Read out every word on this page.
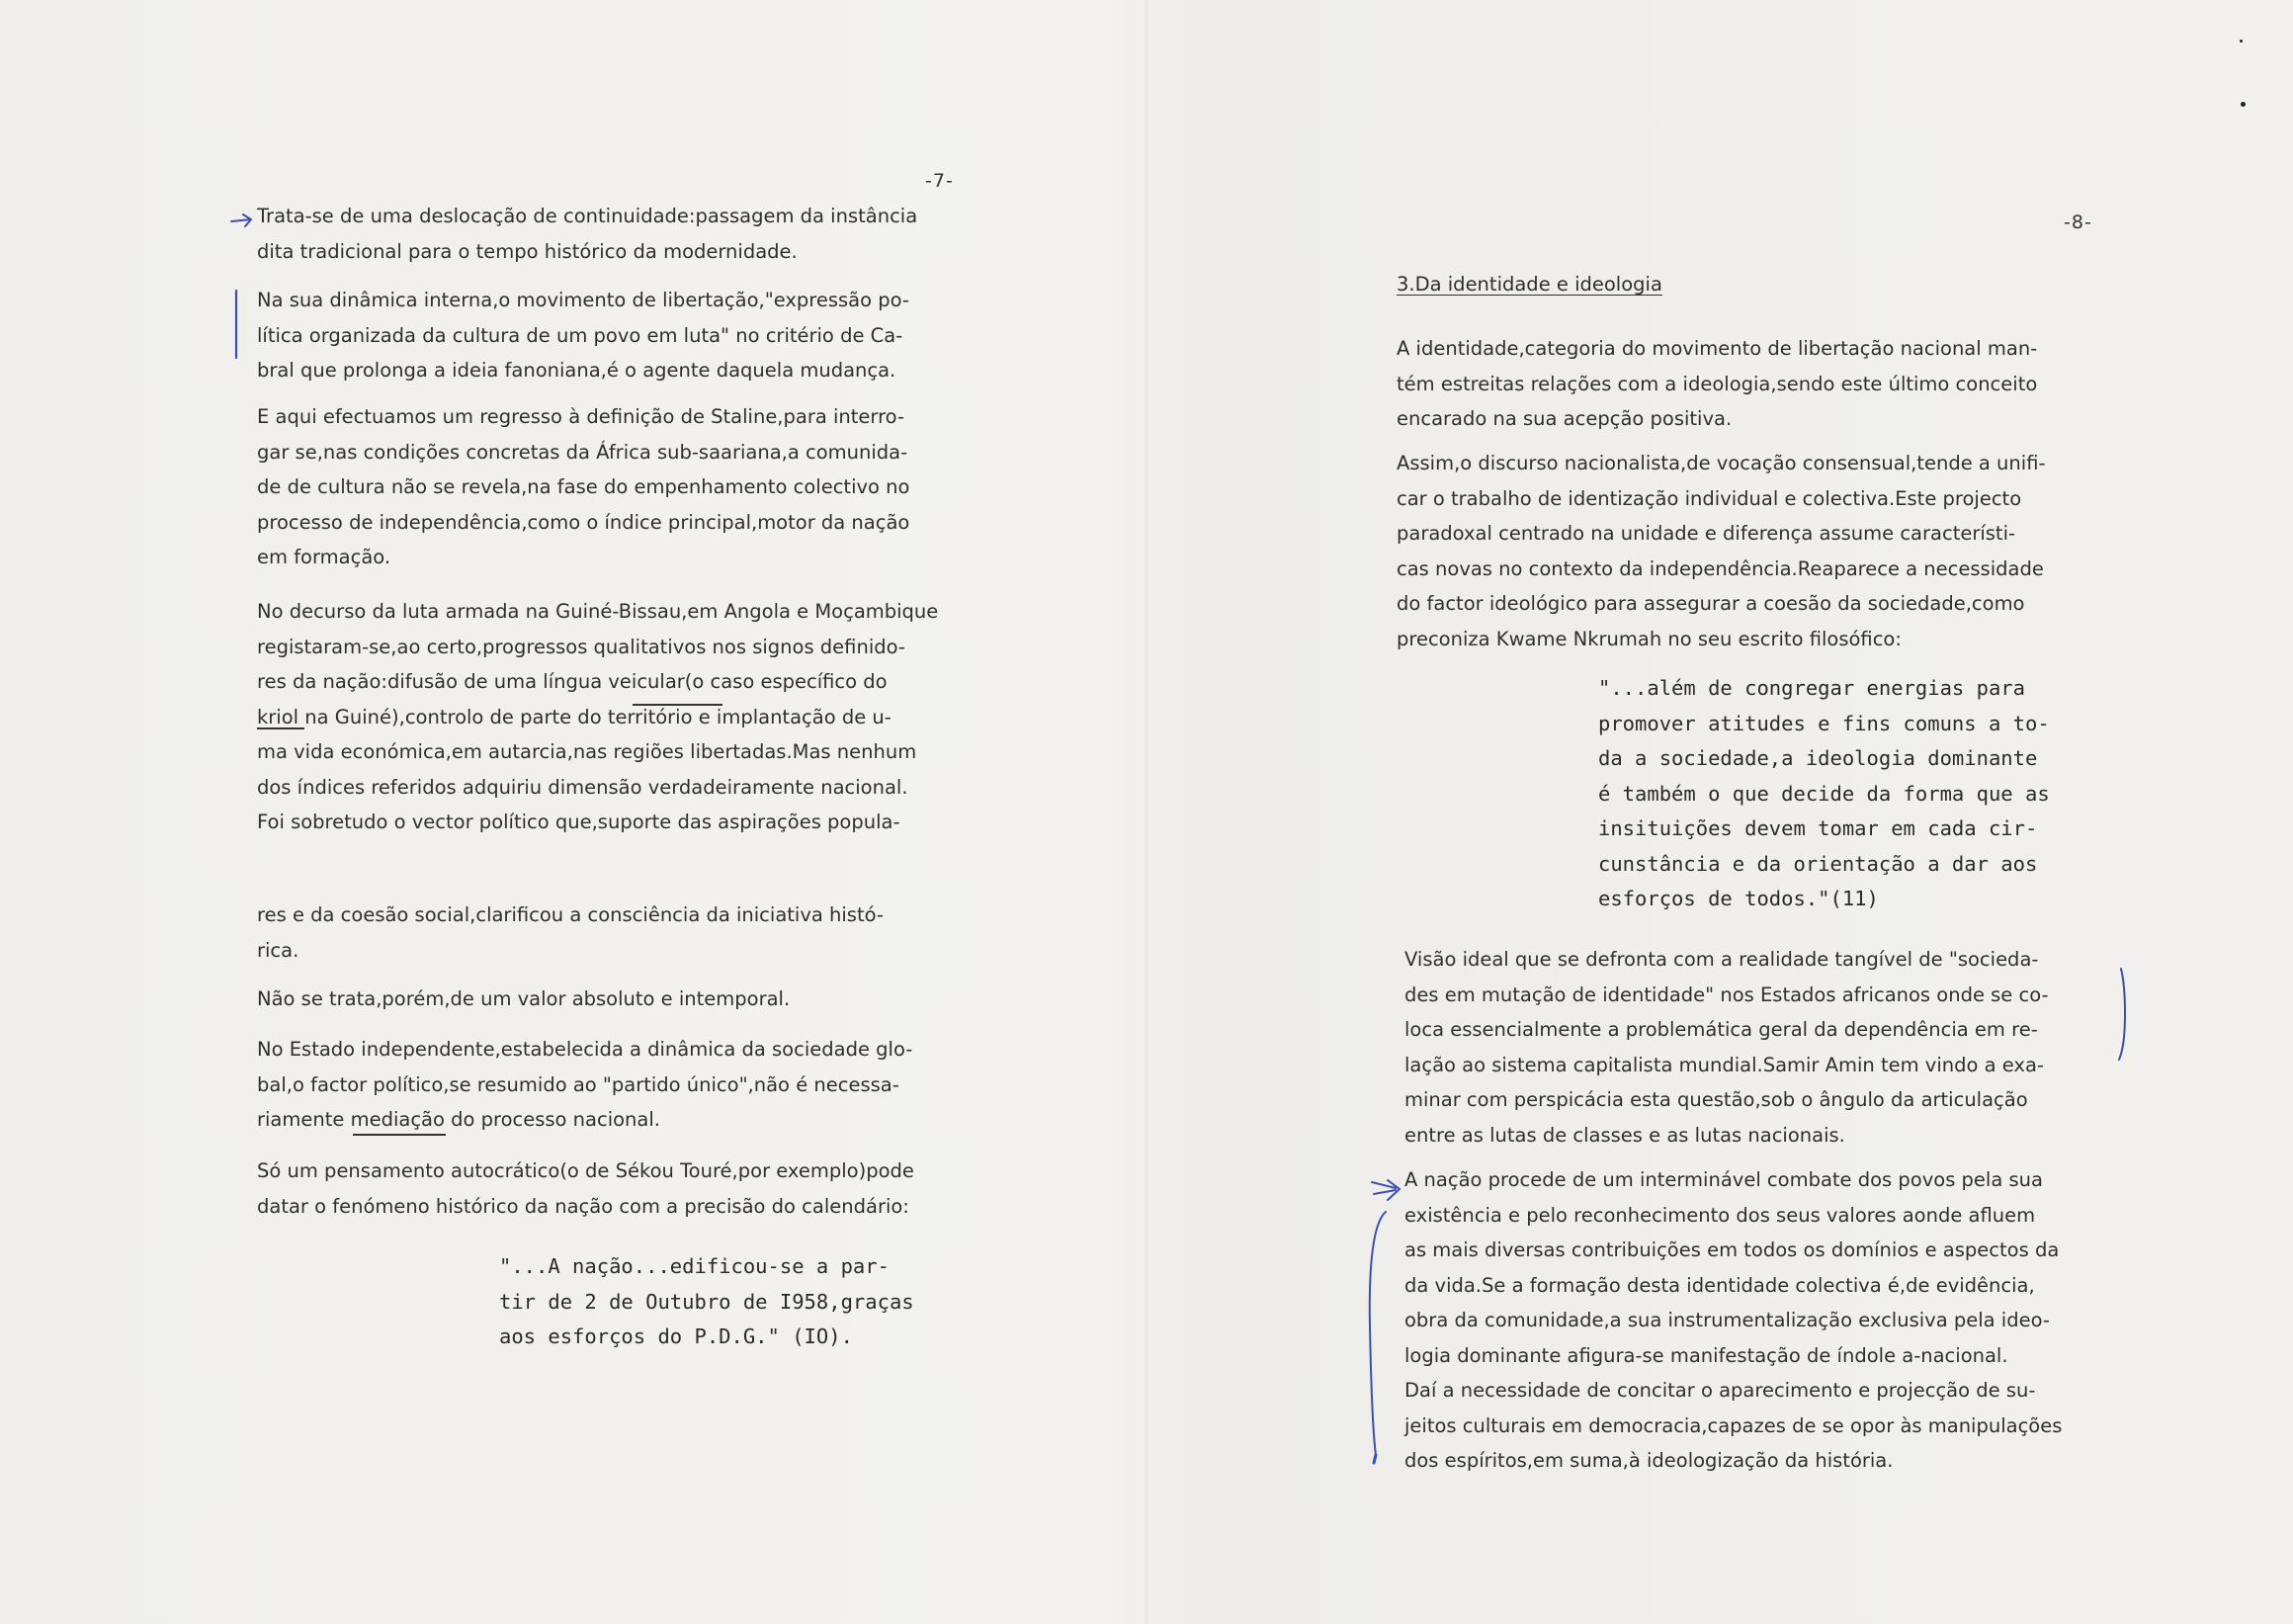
-7-

Trata-se de uma deslocação de continuidade:passagem da instância
dita tradicional para o tempo histórico da modernidade.

Na sua dinâmica interna,o movimento de libertação,"expressão po-
lítica organizada da cultura de um povo em luta" no critério de Ca-
bral que prolonga a ideia fanoniana,é o agente daquela mudança.

E aqui efectuamos um regresso à definição de Staline,para interro-
gar se,nas condições concretas da África sub-saariana,a comunida-
de de cultura não se revela,na fase do empenhamento colectivo no
processo de independência,como o índice principal,motor da nação
em formação.

No decurso da luta armada na Guiné-Bissau,em Angola e Moçambique
registaram-se,ao certo,progressos qualitativos nos signos definido-
res da nação:difusão de uma língua veicular(o caso específico do
kriol na Guiné),controlo de parte do território e implantação de u-
ma vida económica,em autarcia,nas regiões libertadas.Mas nenhum
dos índices referidos adquiriu dimensão verdadeiramente nacional.
Foi sobretudo o vector político que,suporte das aspirações popula-

res e da coesão social,clarificou a consciência da iniciativa histó-
rica.

Não se trata,porém,de um valor absoluto e intemporal.

No Estado independente,estabelecida a dinâmica da sociedade glo-
bal,o factor político,se resumido ao "partido único",não é necessa-
riamente mediação do processo nacional.

Só um pensamento autocrático(o de Sékou Touré,por exemplo)pode
datar o fenómeno histórico da nação com a precisão do calendário:

"...A nação...edificou-se a par-
tir de 2 de Outubro de I958,graças
aos esforços do P.D.G." (IO).

-8-

3.Da identidade e ideologia

A identidade,categoria do movimento de libertação nacional man-
tém estreitas relações com a ideologia,sendo este último conceito
encarado na sua acepção positiva.

Assim,o discurso nacionalista,de vocação consensual,tende a unifi-
car o trabalho de identização individual e colectiva.Este projecto
paradoxal centrado na unidade e diferença assume característi-
cas novas no contexto da independência.Reaparece a necessidade
do factor ideológico para assegurar a coesão da sociedade,como
preconiza Kwame Nkrumah no seu escrito filosófico:

"...além de congregar energias para
promover atitudes e fins comuns a to-
da a sociedade,a ideologia dominante
é também o que decide da forma que as
insituições devem tomar em cada cir-
cunstância e da orientação a dar aos
esforços de todos."(11)

Visão ideal que se defronta com a realidade tangível de "socieda-
des em mutação de identidade" nos Estados africanos onde se co-
loca essencialmente a problemática geral da dependência em re-
lação ao sistema capitalista mundial.Samir Amin tem vindo a exa-
minar com perspicácia esta questão,sob o ângulo da articulação
entre as lutas de classes e as lutas nacionais.

A nação procede de um interminável combate dos povos pela sua
existência e pelo reconhecimento dos seus valores aonde afluem
as mais diversas contribuições em todos os domínios e aspectos da
da vida.Se a formação desta identidade colectiva é,de evidência,
obra da comunidade,a sua instrumentalização exclusiva pela ideo-
logia dominante afigura-se manifestação de índole a-nacional.
Daí a necessidade de concitar o aparecimento e projecção de su-
jeitos culturais em democracia,capazes de se opor às manipulações
dos espíritos,em suma,à ideologização da história.
